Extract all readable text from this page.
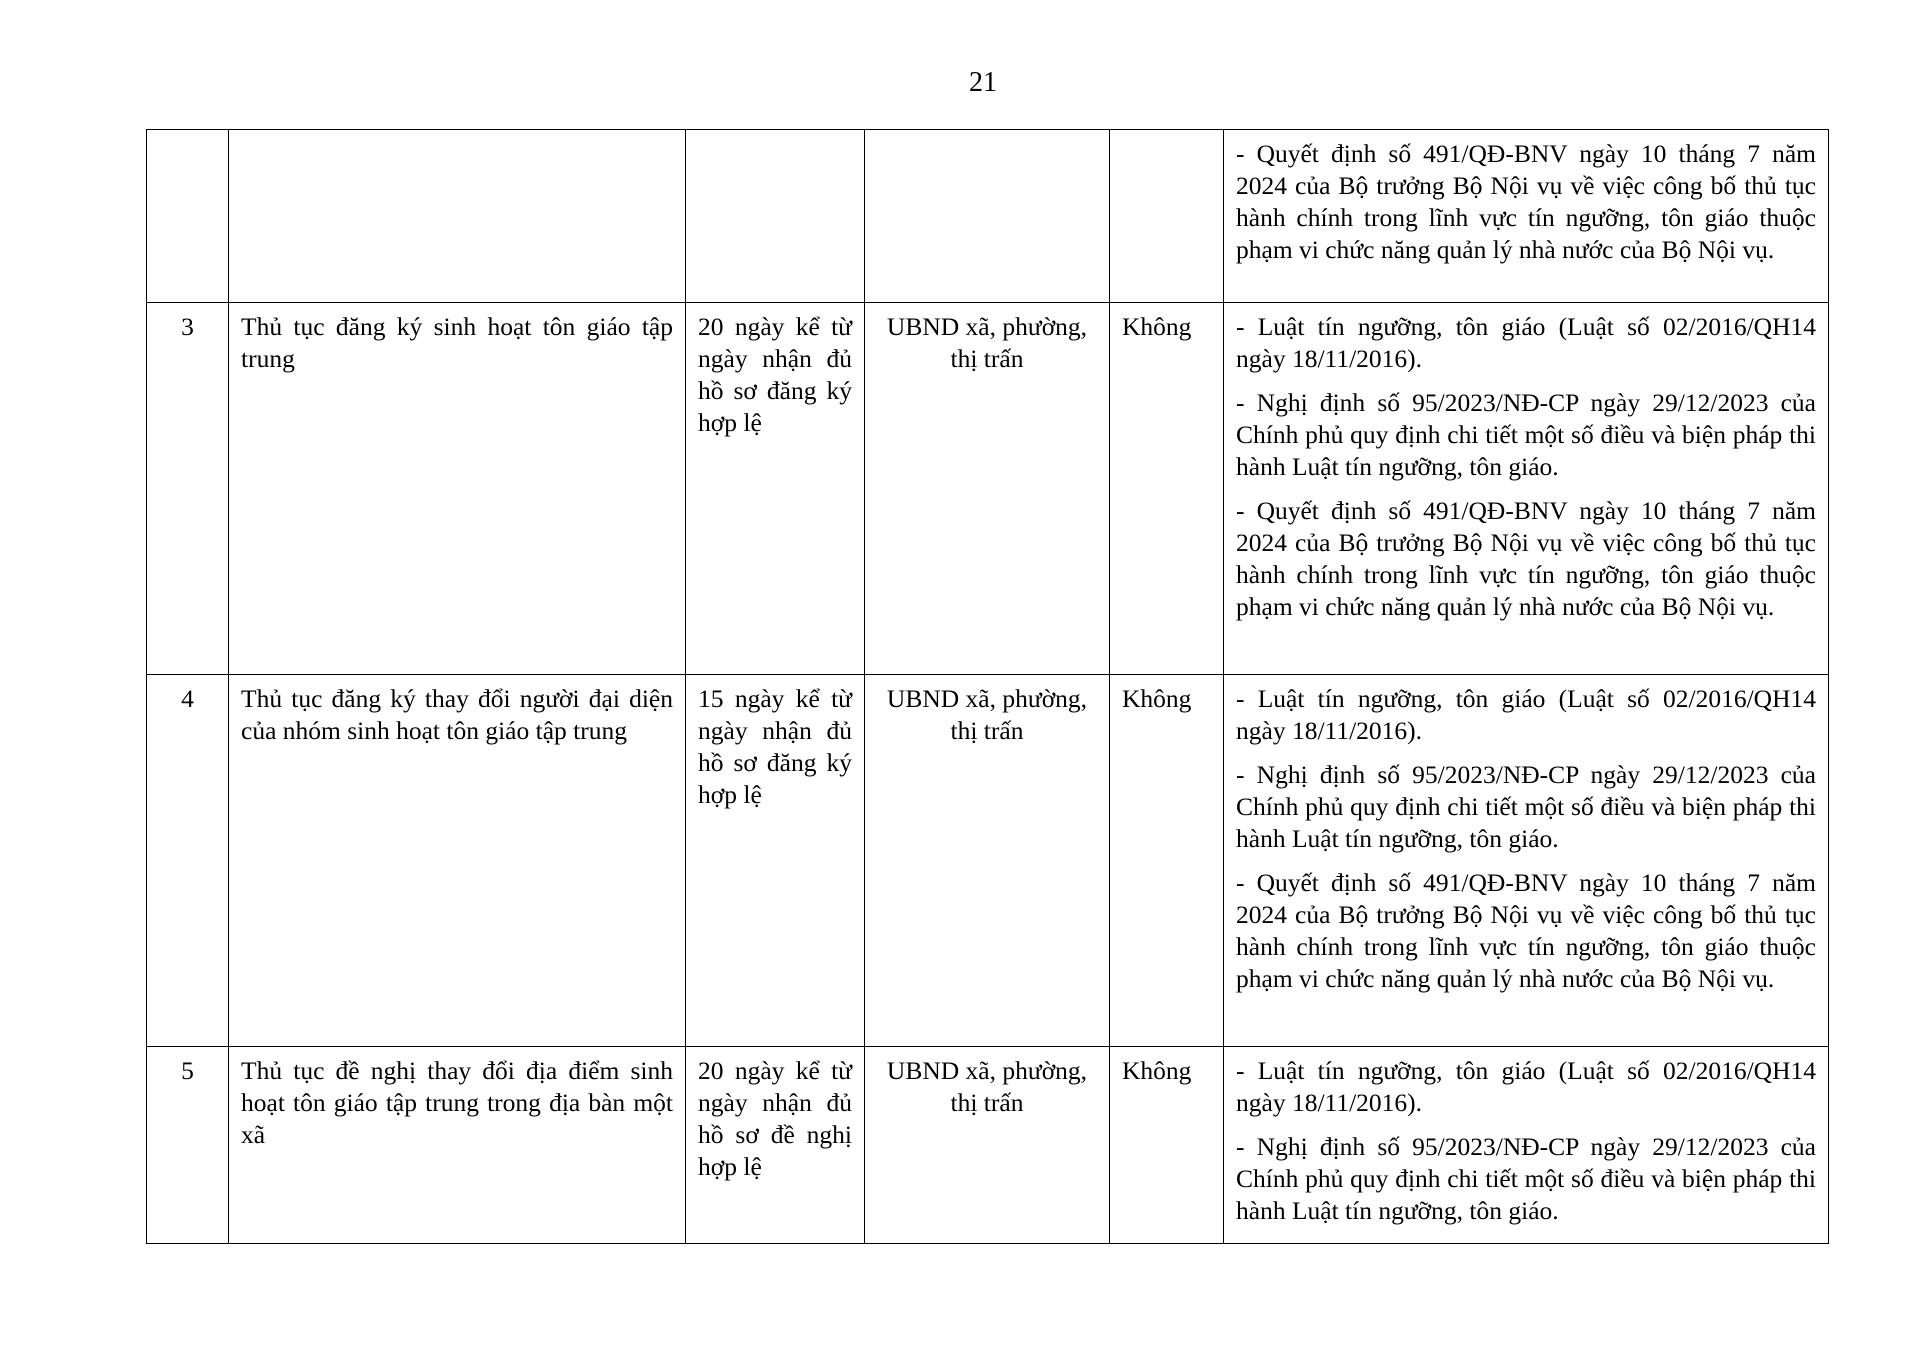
21

					- Quyết định số 491/QĐ-BNV ngày 10 tháng 7 năm 2024 của Bộ trưởng Bộ Nội vụ về việc công bố thủ tục hành chính trong lĩnh vực tín ngưỡng, tôn giáo thuộc phạm vi chức năng quản lý nhà nước của Bộ Nội vụ.

3	Thủ tục đăng ký sinh hoạt tôn giáo tập trung	20 ngày kể từ ngày nhận đủ hồ sơ đăng ký hợp lệ	UBND xã, phường, thị trấn	Không	- Luật tín ngưỡng, tôn giáo (Luật số 02/2016/QH14 ngày 18/11/2016).
- Nghị định số 95/2023/NĐ-CP ngày 29/12/2023 của Chính phủ quy định chi tiết một số điều và biện pháp thi hành Luật tín ngưỡng, tôn giáo.
- Quyết định số 491/QĐ-BNV ngày 10 tháng 7 năm 2024 của Bộ trưởng Bộ Nội vụ về việc công bố thủ tục hành chính trong lĩnh vực tín ngưỡng, tôn giáo thuộc phạm vi chức năng quản lý nhà nước của Bộ Nội vụ.

4	Thủ tục đăng ký thay đổi người đại diện của nhóm sinh hoạt tôn giáo tập trung	15 ngày kể từ ngày nhận đủ hồ sơ đăng ký hợp lệ	UBND xã, phường, thị trấn	Không	- Luật tín ngưỡng, tôn giáo (Luật số 02/2016/QH14 ngày 18/11/2016).
- Nghị định số 95/2023/NĐ-CP ngày 29/12/2023 của Chính phủ quy định chi tiết một số điều và biện pháp thi hành Luật tín ngưỡng, tôn giáo.
- Quyết định số 491/QĐ-BNV ngày 10 tháng 7 năm 2024 của Bộ trưởng Bộ Nội vụ về việc công bố thủ tục hành chính trong lĩnh vực tín ngưỡng, tôn giáo thuộc phạm vi chức năng quản lý nhà nước của Bộ Nội vụ.

5	Thủ tục đề nghị thay đổi địa điểm sinh hoạt tôn giáo tập trung trong địa bàn một xã	20 ngày kể từ ngày nhận đủ hồ sơ đề nghị hợp lệ	UBND xã, phường, thị trấn	Không	- Luật tín ngưỡng, tôn giáo (Luật số 02/2016/QH14 ngày 18/11/2016).
- Nghị định số 95/2023/NĐ-CP ngày 29/12/2023 của Chính phủ quy định chi tiết một số điều và biện pháp thi hành Luật tín ngưỡng, tôn giáo.
